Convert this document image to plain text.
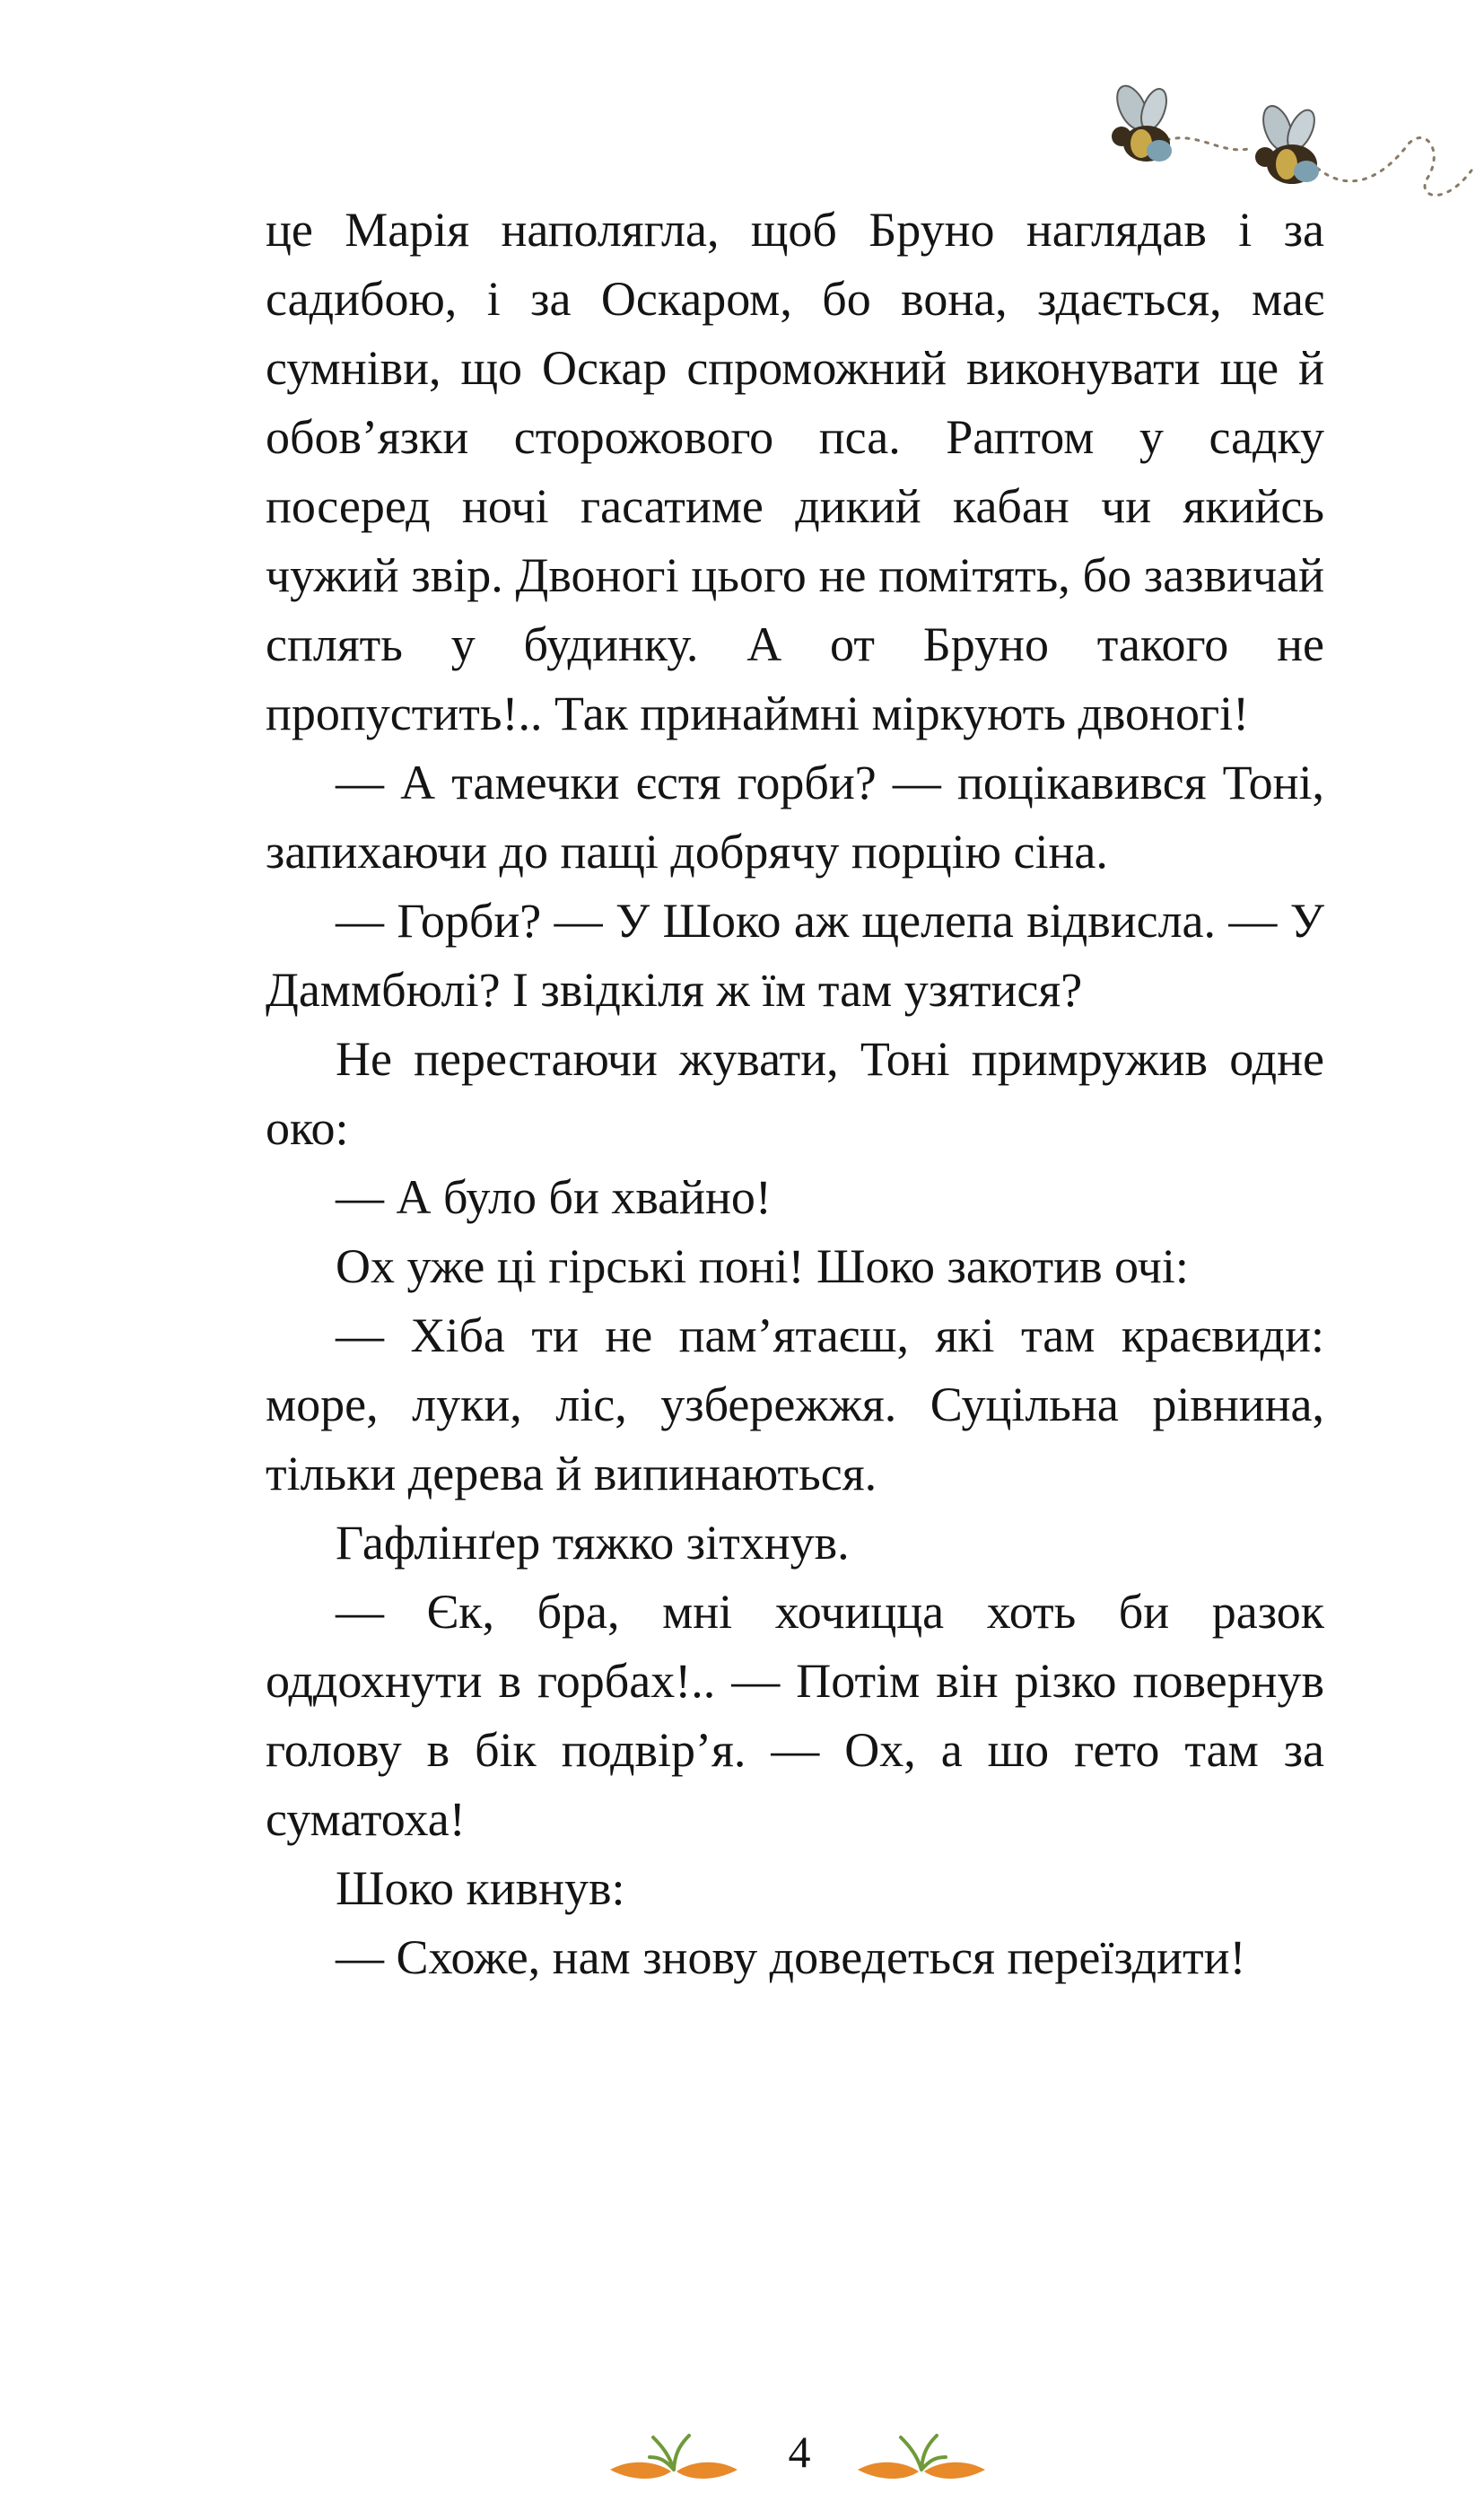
це Марія наполягла, щоб Бруно наглядав і за садибою, і за Оскаром, бо вона, здається, має сумніви, що Оскар спроможний виконувати ще й обов’язки сторожового пса. Раптом у садку посеред ночі гасатиме дикий кабан чи якийсь чужий звір. Двоногі цього не помітять, бо зазвичай сплять у будинку. А от Бруно такого не пропустить!.. Так принаймні міркують двоногі!

— А тамечки єстя горби? — поцікавився Тоні, запихаючи до пащі добрячу порцію сіна.

— Горби? — У Шоко аж щелепа відвисла. — У Даммбюлі? І звідкіля ж їм там узятися?

Не перестаючи жувати, Тоні примружив одне око:

— А було би хвайно!

Ох уже ці гірські поні! Шоко закотив очі:

— Хіба ти не пам’ятаєш, які там краєвиди: море, луки, ліс, узбережжя. Суцільна рівнина, тільки дерева й випинаються.

Гафлінґер тяжко зітхнув.

— Єк, бра, мні хочицца хоть би разок оддохнути в горбах!.. — Потім він різко повернув голову в бік подвір’я. — Ох, а шо гето там за суматоха!

Шоко кивнув:

— Схоже, нам знову доведеться переїздити!

4
